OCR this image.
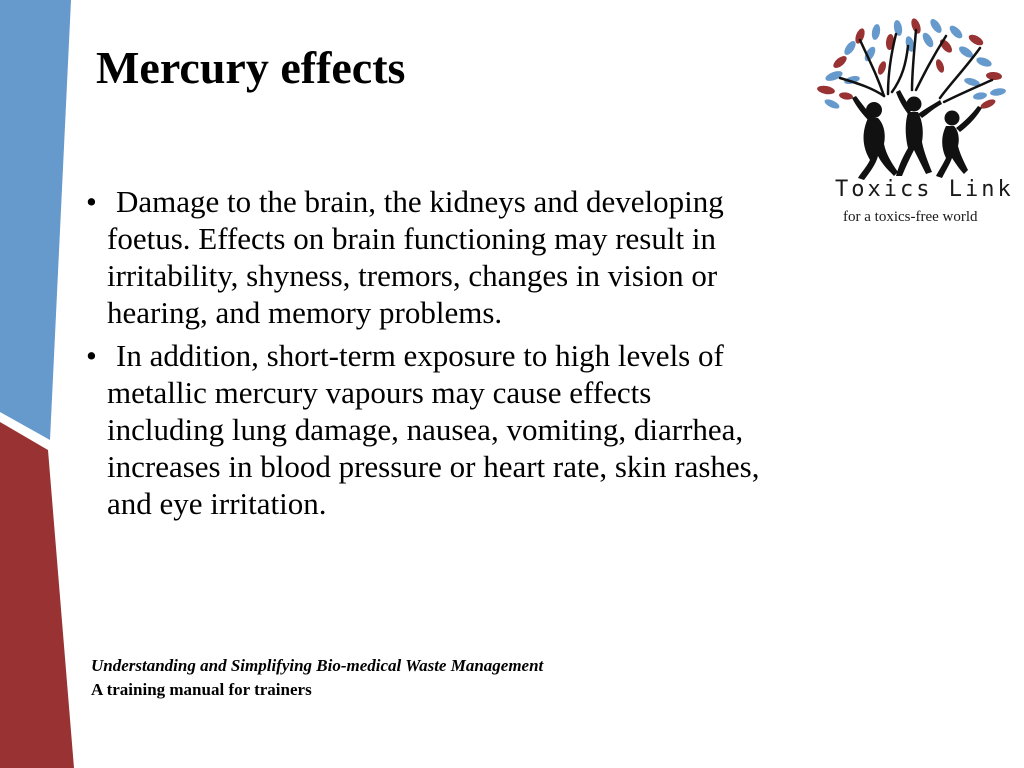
Mercury effects
• Damage to the brain, the kidneys and developing foetus. Effects on brain functioning may result in irritability, shyness, tremors, changes in vision or hearing, and memory problems.
• In addition, short-term exposure to high levels of metallic mercury vapours may cause effects including lung damage, nausea, vomiting, diarrhea, increases in blood pressure or heart rate, skin rashes, and eye irritation.
Understanding and Simplifying Bio-medical Waste Management
A training manual for trainers
Toxics Link
for a toxics-free world
